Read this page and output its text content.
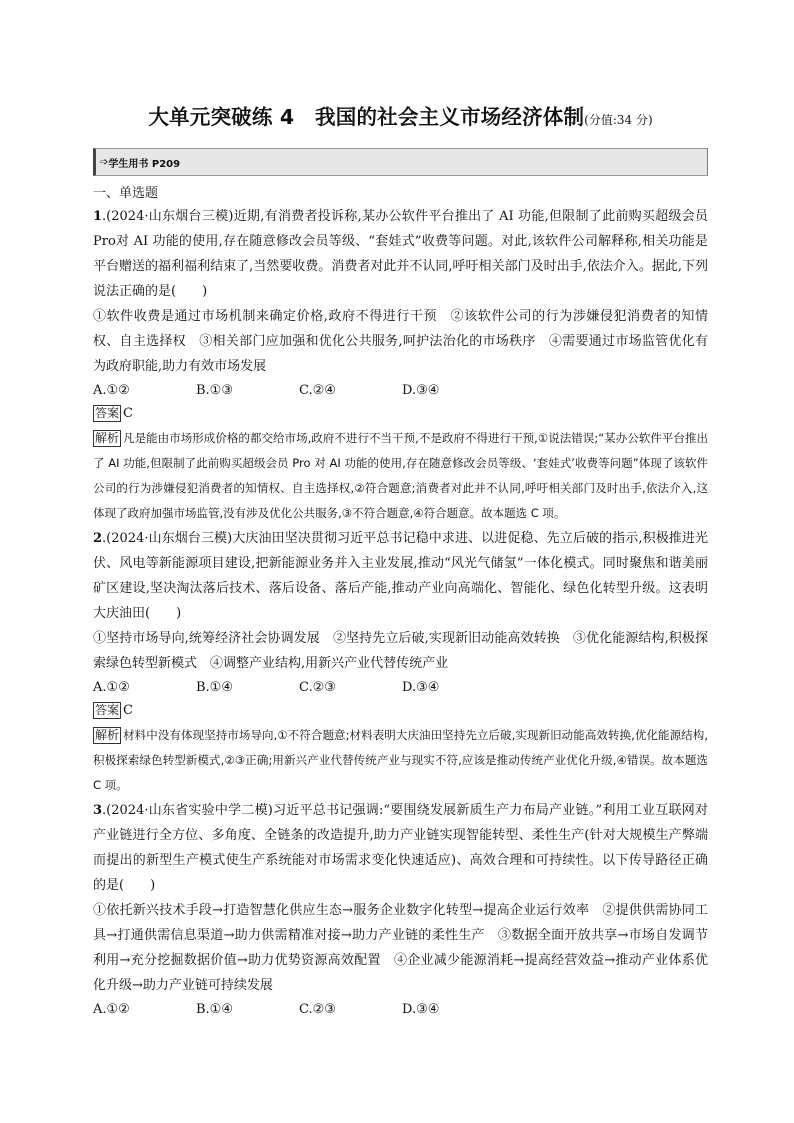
大单元突破练 4　我国的社会主义市场经济体制(分值:34 分)
➩ 学生用书 P209
一、单选题

1.(2024·山东烟台三模)近期,有消费者投诉称,某办公软件平台推出了 AI 功能,但限制了此前购买超级会员 Pro对 AI 功能的使用,存在随意修改会员等级、“套娃式”收费等问题。对此,该软件公司解释称,相关功能是平台赠送的福利福利结束了,当然要收费。消费者对此并不认同,呼吁相关部门及时出手,依法介入。据此,下列说法正确的是(　　)

①软件收费是通过市场机制来确定价格,政府不得进行干预　②该软件公司的行为涉嫌侵犯消费者的知情权、自主选择权　③相关部门应加强和优化公共服务,呵护法治化的市场秩序　④需要通过市场监管优化有为政府职能,助力有效市场发展

A.①②	B.①③	C.②④	D.③④
答案 C

解析 凡是能由市场形成价格的都交给市场,政府不进行不当干预,不是政府不得进行干预,①说法错误;“某办公软件平台推出了 AI 功能,但限制了此前购买超级会员 Pro 对 AI 功能的使用,存在随意修改会员等级、‘套娃式’收费等问题”体现了该软件公司的行为涉嫌侵犯消费者的知情权、自主选择权,②符合题意;消费者对此并不认同,呼吁相关部门及时出手,依法介入,这体现了政府加强市场监管,没有涉及优化公共服务,③不符合题意,④符合题意。故本题选 C 项。

2.(2024·山东烟台三模)大庆油田坚决贯彻习近平总书记稳中求进、以进促稳、先立后破的指示,积极推进光伏、风电等新能源项目建设,把新能源业务并入主业发展,推动“风光气储氢”一体化模式。同时聚焦和谐美丽矿区建设,坚决淘汰落后技术、落后设备、落后产能,推动产业向高端化、智能化、绿色化转型升级。这表明大庆油田(　　)

①坚持市场导向,统筹经济社会协调发展　②坚持先立后破,实现新旧动能高效转换　③优化能源结构,积极探索绿色转型新模式　④调整产业结构,用新兴产业代替传统产业

A.①②	B.①④	C.②③	D.③④
答案 C

解析 材料中没有体现坚持市场导向,①不符合题意;材料表明大庆油田坚持先立后破,实现新旧动能高效转换,优化能源结构,积极探索绿色转型新模式,②③正确;用新兴产业代替传统产业与现实不符,应该是推动传统产业优化升级,④错误。故本题选 C 项。

3.(2024·山东省实验中学二模)习近平总书记强调:“要围绕发展新质生产力布局产业链。”利用工业互联网对产业链进行全方位、多角度、全链条的改造提升,助力产业链实现智能转型、柔性生产(针对大规模生产弊端而提出的新型生产模式使生产系统能对市场需求变化快速适应)、高效合理和可持续性。以下传导路径正确的是(　　)

①依托新兴技术手段→打造智慧化供应生态→服务企业数字化转型→提高企业运行效率　②提供供需协同工具→打通供需信息渠道→助力供需精准对接→助力产业链的柔性生产　③数据全面开放共享→市场自发调节利用→充分挖掘数据价值→助力优势资源高效配置　④企业减少能源消耗→提高经营效益→推动产业体系优化升级→助力产业链可持续发展

A.①②	B.①④	C.②③	D.③④
